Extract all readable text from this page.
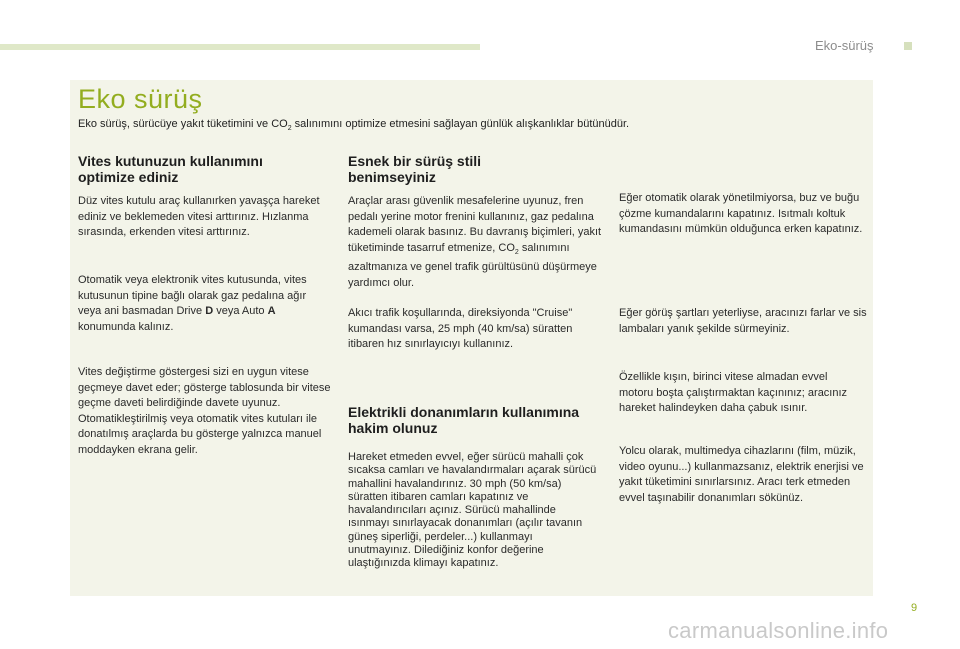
Eko-sürüş
Eko sürüş

Eko sürüş, sürücüye yakıt tüketimini ve $CO_2$ salınımını optimize etmesini sağlayan günlük alışkanlıklar bütünüdür.

Vites kutunuzun kullanımını optimize ediniz

Düz vites kutulu araç kullanırken yavaşça hareket ediniz ve beklemeden vitesi arttırınız. Hızlanma sırasında, erkenden vitesi arttırınız.

Otomatik veya elektronik vites kutusunda, vites kutusunun tipine bağlı olarak gaz pedalına ağır veya ani basmadan Drive D veya Auto A konumunda kalınız.

Vites değiştirme göstergesi sizi en uygun vitese geçmeye davet eder; gösterge tablosunda bir vitese geçme daveti belirdiğinde davete uyunuz. Otomatikleştirilmiş veya otomatik vites kutuları ile donatılmış araçlarda bu gösterge yalnızca manuel moddayken ekrana gelir.

Esnek bir sürüş stili benimseyiniz

Araçlar arası güvenlik mesafelerine uyunuz, fren pedalı yerine motor frenini kullanınız, gaz pedalına kademeli olarak basınız. Bu davranış biçimleri, yakıt tüketiminde tasarruf etmenize, $CO_2$ salınımını azaltmanıza ve genel trafik gürültüsünü düşürmeye yardımcı olur.

Akıcı trafik koşullarında, direksiyonda "Cruise" kumandası varsa, 25 mph (40 km/sa) süratten itibaren hız sınırlayıcıyı kullanınız.

Elektrikli donanımların kullanımına hakim olunuz

Hareket etmeden evvel, eğer sürücü mahalli çok sıcaksa camları ve havalandırmaları açarak sürücü mahallini havalandırınız. 30 mph (50 km/sa) süratten itibaren camları kapatınız ve havalandırıcıları açınız. Sürücü mahallinde ısınmayı sınırlayacak donanımları (açılır tavanın güneş siperliği, perdeler...) kullanmayı unutmayınız. Dilediğiniz konfor değerine ulaştığınızda klimayı kapatınız.

Eğer otomatik olarak yönetilmiyorsa, buz ve buğu çözme kumandalarını kapatınız. Isıtmalı koltuk kumandasını mümkün olduğunca erken kapatınız.

Eğer görüş şartları yeterliyse, aracınızı farlar ve sis lambaları yanık şekilde sürmeyiniz.

Özellikle kışın, birinci vitese almadan evvel motoru boşta çalıştırmaktan kaçınınız; aracınız hareket halindeyken daha çabuk ısınır.

Yolcu olarak, multimedya cihazlarını (film, müzik, video oyunu...) kullanmazsanız, elektrik enerjisi ve yakıt tüketimini sınırlarsınız. Aracı terk etmeden evvel taşınabilir donanımları sökünüz.

9
carmanualsonline.info
